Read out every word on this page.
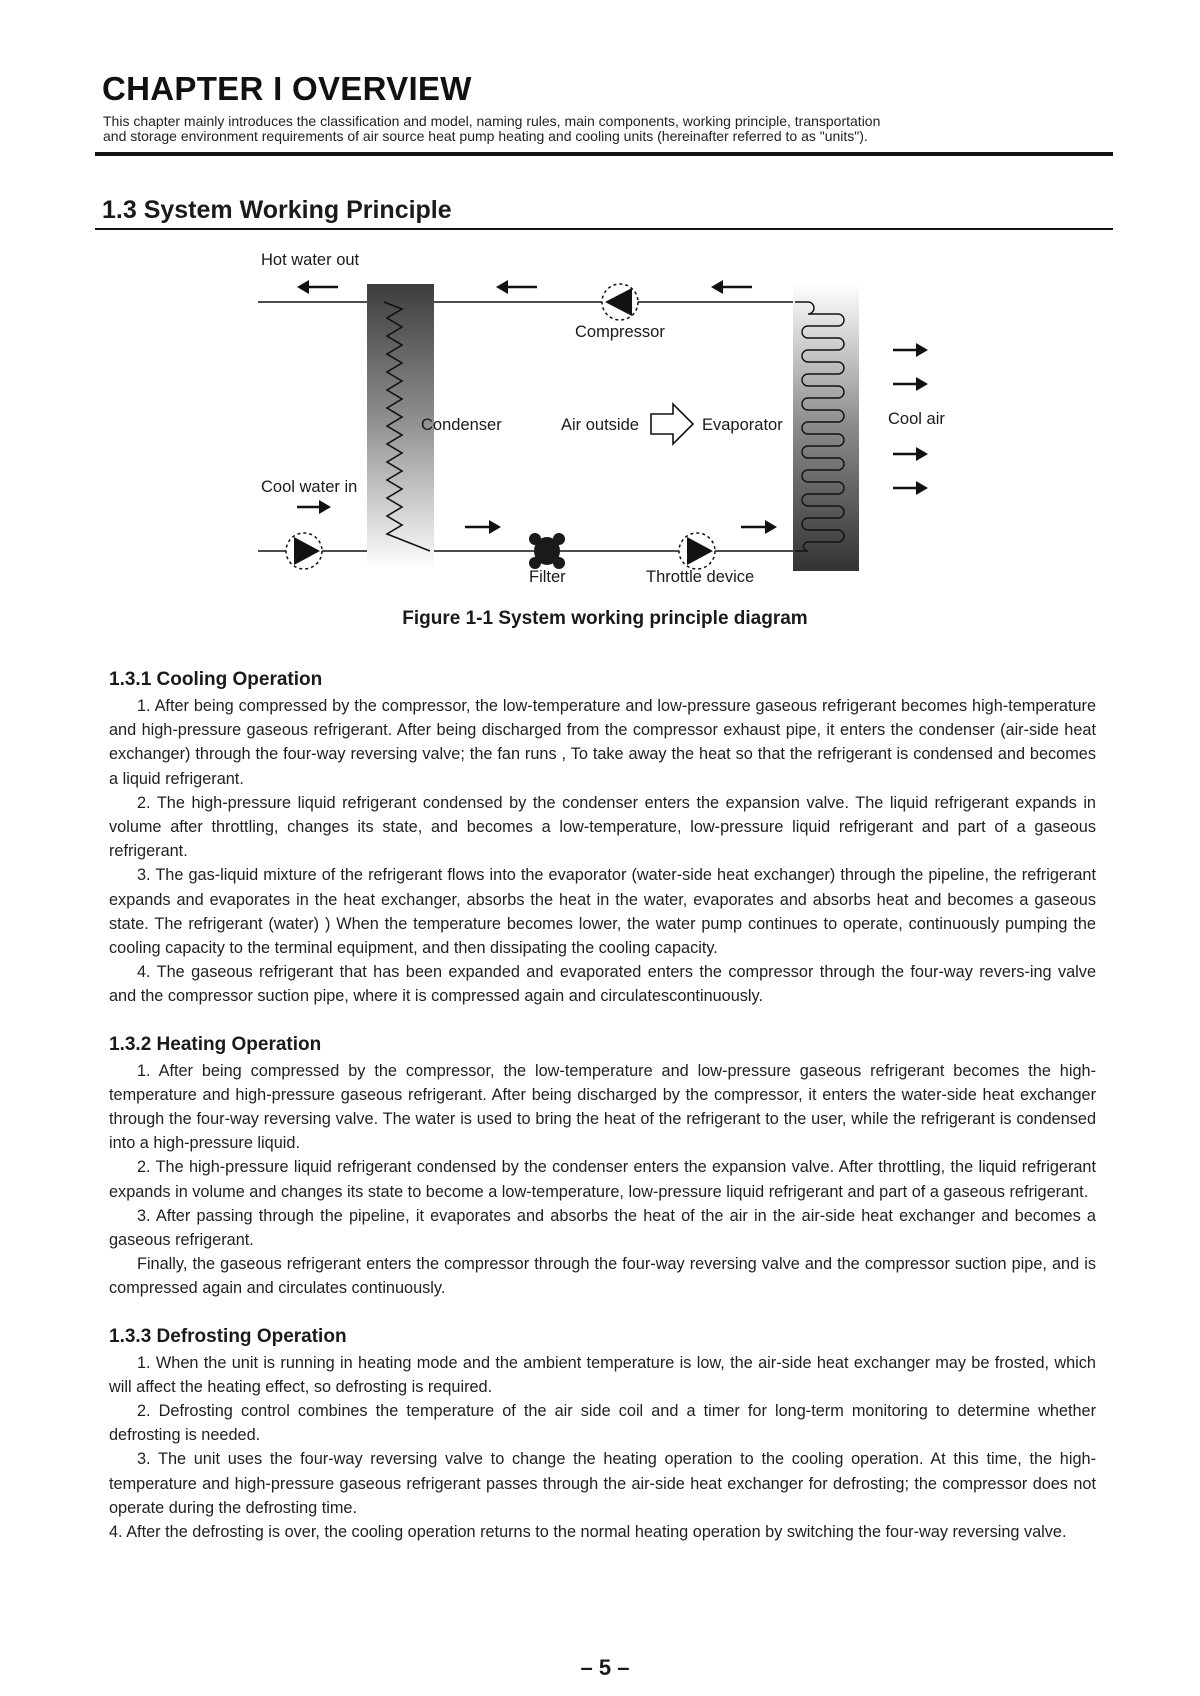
CHAPTER I OVERVIEW
This chapter mainly introduces the classification and model, naming rules, main components, working principle, transportation
and storage environment requirements of air source heat pump heating and cooling units (hereinafter referred to as "units").
1.3 System Working Principle
Hot water out
Compressor
Condenser	Air outside	Evaporator	Cool air
Cool water in
Filter	Throttle device

Figure 1-1 System working principle diagram

1.3.1 Cooling Operation

1. After being compressed by the compressor, the low-temperature and low-pressure gaseous refrigerant becomes high-temperature and high-pressure gaseous refrigerant. After being discharged from the compressor exhaust pipe, it enters the condenser (air-side heat exchanger) through the four-way reversing valve; the fan runs , To take away the heat so that the refrigerant is condensed and becomes a liquid refrigerant.

2. The high-pressure liquid refrigerant condensed by the condenser enters the expansion valve. The liquid refrigerant expands in volume after throttling, changes its state, and becomes a low-temperature, low-pressure liquid refrigerant and part of a gaseous refrigerant.

3. The gas-liquid mixture of the refrigerant flows into the evaporator (water-side heat exchanger) through the pipeline, the refrigerant expands and evaporates in the heat exchanger, absorbs the heat in the water, evaporates and absorbs heat and becomes a gaseous state. The refrigerant (water) ) When the temperature becomes lower, the water pump continues to operate, continuously pumping the cooling capacity to the terminal equipment, and then dissipating the cooling capacity.

4. The gaseous refrigerant that has been expanded and evaporated enters the compressor through the four-way revers-ing valve and the compressor suction pipe, where it is compressed again and circulatescontinuously.

1.3.2 Heating Operation

1. After being compressed by the compressor, the low-temperature and low-pressure gaseous refrigerant becomes the high-temperature and high-pressure gaseous refrigerant. After being discharged by the compressor, it enters the water-side heat exchanger through the four-way reversing valve. The water is used to bring the heat of the refrigerant to the user, while the refrigerant is condensed into a high-pressure liquid.

2. The high-pressure liquid refrigerant condensed by the condenser enters the expansion valve. After throttling, the liquid refrigerant expands in volume and changes its state to become a low-temperature, low-pressure liquid refrigerant and part of a gaseous refrigerant.

3. After passing through the pipeline, it evaporates and absorbs the heat of the air in the air-side heat exchanger and becomes a gaseous refrigerant.

Finally, the gaseous refrigerant enters the compressor through the four-way reversing valve and the compressor suction pipe, and is compressed again and circulates continuously.

1.3.3 Defrosting Operation

1. When the unit is running in heating mode and the ambient temperature is low, the air-side heat exchanger may be frosted, which will affect the heating effect, so defrosting is required.

2. Defrosting control combines the temperature of the air side coil and a timer for long-term monitoring to determine whether defrosting is needed.

3. The unit uses the four-way reversing valve to change the heating operation to the cooling operation. At this time, the high-temperature and high-pressure gaseous refrigerant passes through the air-side heat exchanger for defrosting; the compressor does not operate during the defrosting time.

4. After the defrosting is over, the cooling operation returns to the normal heating operation by switching the four-way reversing valve.

– 5 –
